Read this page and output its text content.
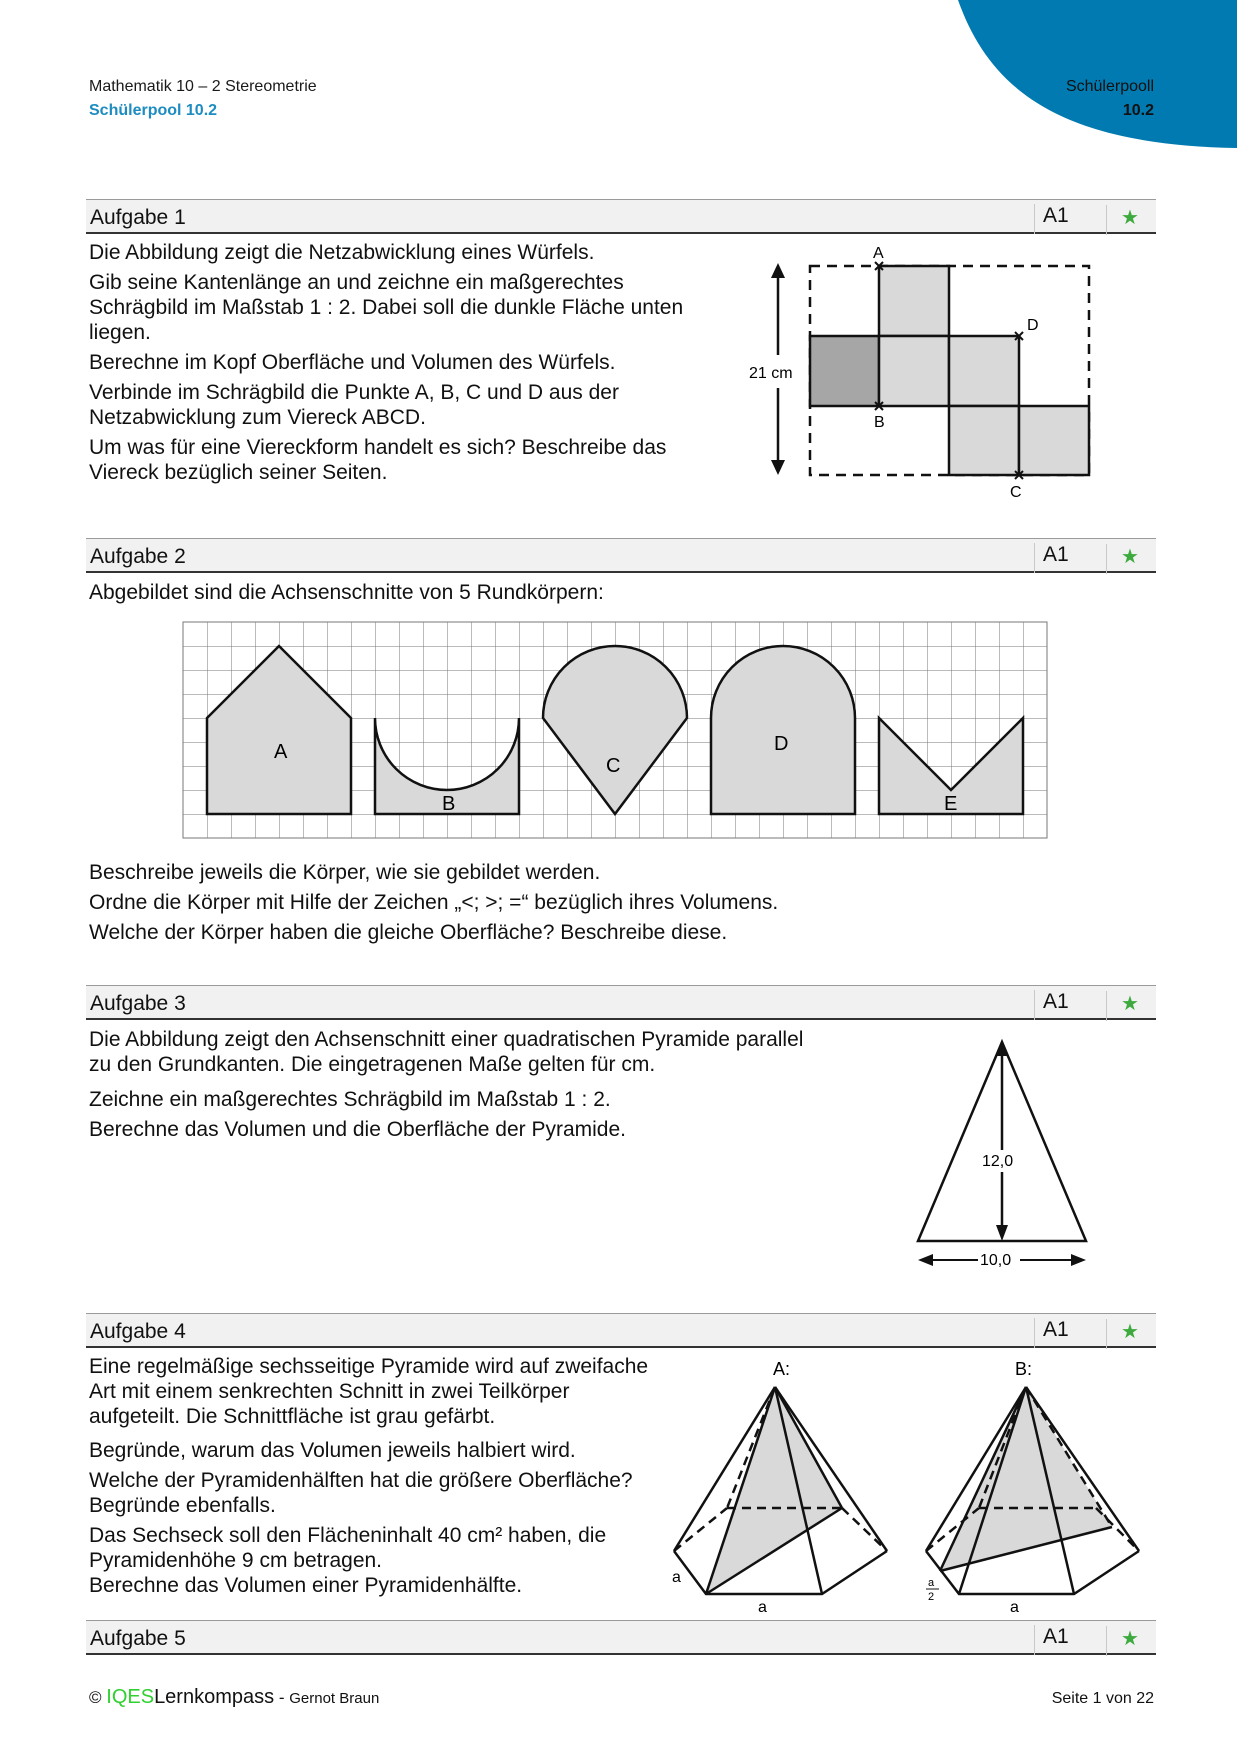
Mathematik 10 – 2 Stereometrie
Schülerpool 10.2
Schülerpooll
10.2
Aufgabe 1	A1	★

Die Abbildung zeigt die Netzabwicklung eines Würfels.

Gib seine Kantenlänge an und zeichne ein maßgerechtes Schrägbild im Maßstab 1 : 2. Dabei soll die dunkle Fläche unten liegen.

Berechne im Kopf Oberfläche und Volumen des Würfels.

Verbinde im Schrägbild die Punkte A, B, C und D aus der Netzabwicklung zum Viereck ABCD.

Um was für eine Viereckform handelt es sich? Beschreibe das Viereck bezüglich seiner Seiten.

A
B
C
D
21 cm
Aufgabe 2	A1	★
Abgebildet sind die Achsenschnitte von 5 Rundkörpern:
A
B
C
D
E

Beschreibe jeweils die Körper, wie sie gebildet werden.

Ordne die Körper mit Hilfe der Zeichen „<; >; =“ bezüglich ihres Volumens.

Welche der Körper haben die gleiche Oberfläche? Beschreibe diese.

Aufgabe 3	A1	★

Die Abbildung zeigt den Achsenschnitt einer quadratischen Pyramide parallel zu den Grundkanten. Die eingetragenen Maße gelten für cm.

Zeichne ein maßgerechtes Schrägbild im Maßstab 1 : 2.

Berechne das Volumen und die Oberfläche der Pyramide.

12,0
10,0
Aufgabe 4	A1	★

Eine regelmäßige sechsseitige Pyramide wird auf zweifache Art mit einem senkrechten Schnitt in zwei Teilkörper aufgeteilt. Die Schnittfläche ist grau gefärbt.

Begründe, warum das Volumen jeweils halbiert wird.

Welche der Pyramidenhälften hat die größere Oberfläche? Begründe ebenfalls.

Das Sechseck soll den Flächeninhalt 40 cm² haben, die Pyramidenhöhe 9 cm betragen.

Berechne das Volumen einer Pyramidenhälfte.

A:
a
a
B:
a
2
a
Aufgabe 5	A1	★
© IQESLernkompass - Gernot Braun	Seite 1 von 22
